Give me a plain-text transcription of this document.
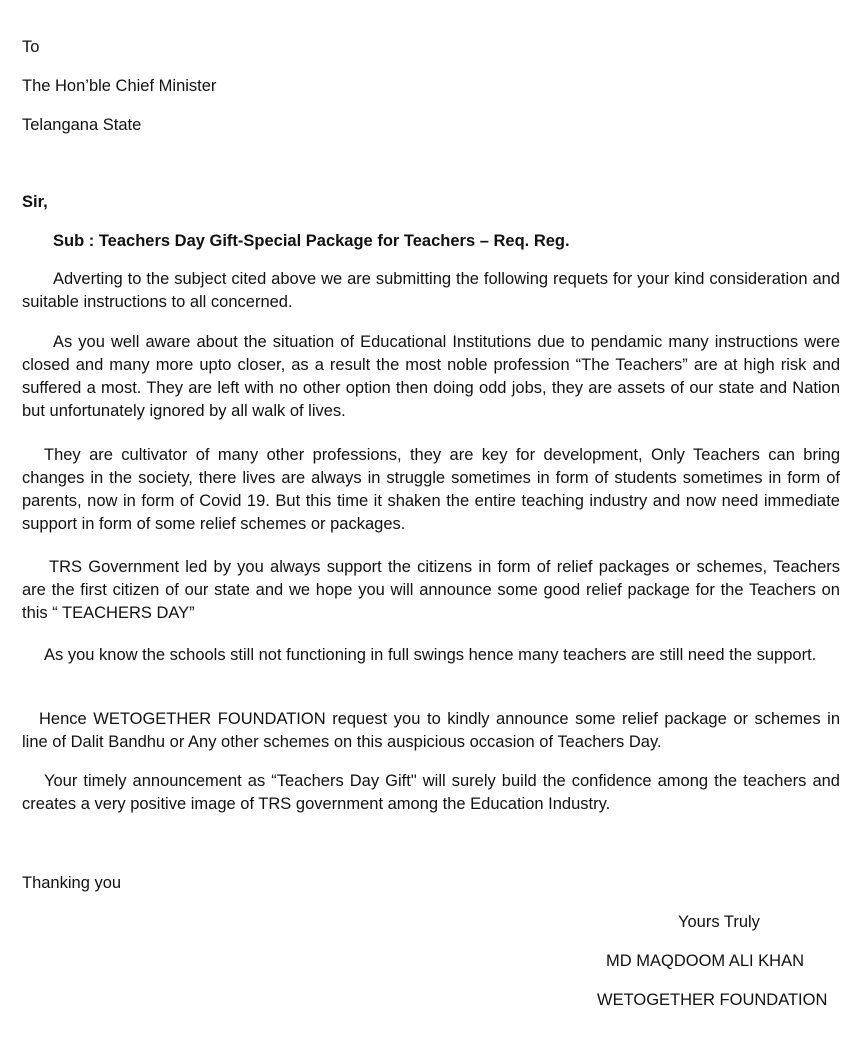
To
The Hon’ble Chief Minister
Telangana State
Sir,
Sub : Teachers Day Gift-Special Package for Teachers – Req. Reg.
Adverting to the subject cited above we are submitting the following requets for your kind consideration and suitable instructions to all concerned.
As you well aware about the situation of Educational Institutions due to pendamic many instructions were closed and many more upto closer, as a result the most noble profession “The Teachers” are at high risk and suffered a most. They are left with no other option then doing odd jobs, they are assets of our state and Nation but unfortunately ignored by all walk of lives.
They are cultivator of many other professions, they are key for development, Only Teachers can bring changes in the society, there lives are always in struggle sometimes in form of students sometimes in form of parents, now in form of Covid 19. But this time it shaken the entire teaching industry and now need immediate support in form of some relief schemes or packages.
TRS Government led by you always support the citizens in form of relief packages or schemes, Teachers are the first citizen of our state and we hope you will announce some good relief package for the Teachers on this “ TEACHERS DAY”
As you know the schools still not functioning in full swings hence many teachers are still need the support.
Hence WETOGETHER FOUNDATION request you to kindly announce some relief package or schemes in line of Dalit Bandhu or Any other schemes on this auspicious occasion of Teachers Day.
Your timely announcement as “Teachers Day Gift" will surely build the confidence among the teachers and creates a very positive image of TRS government among the Education Industry.
Thanking you
Yours Truly
MD MAQDOOM ALI KHAN
WETOGETHER FOUNDATION
